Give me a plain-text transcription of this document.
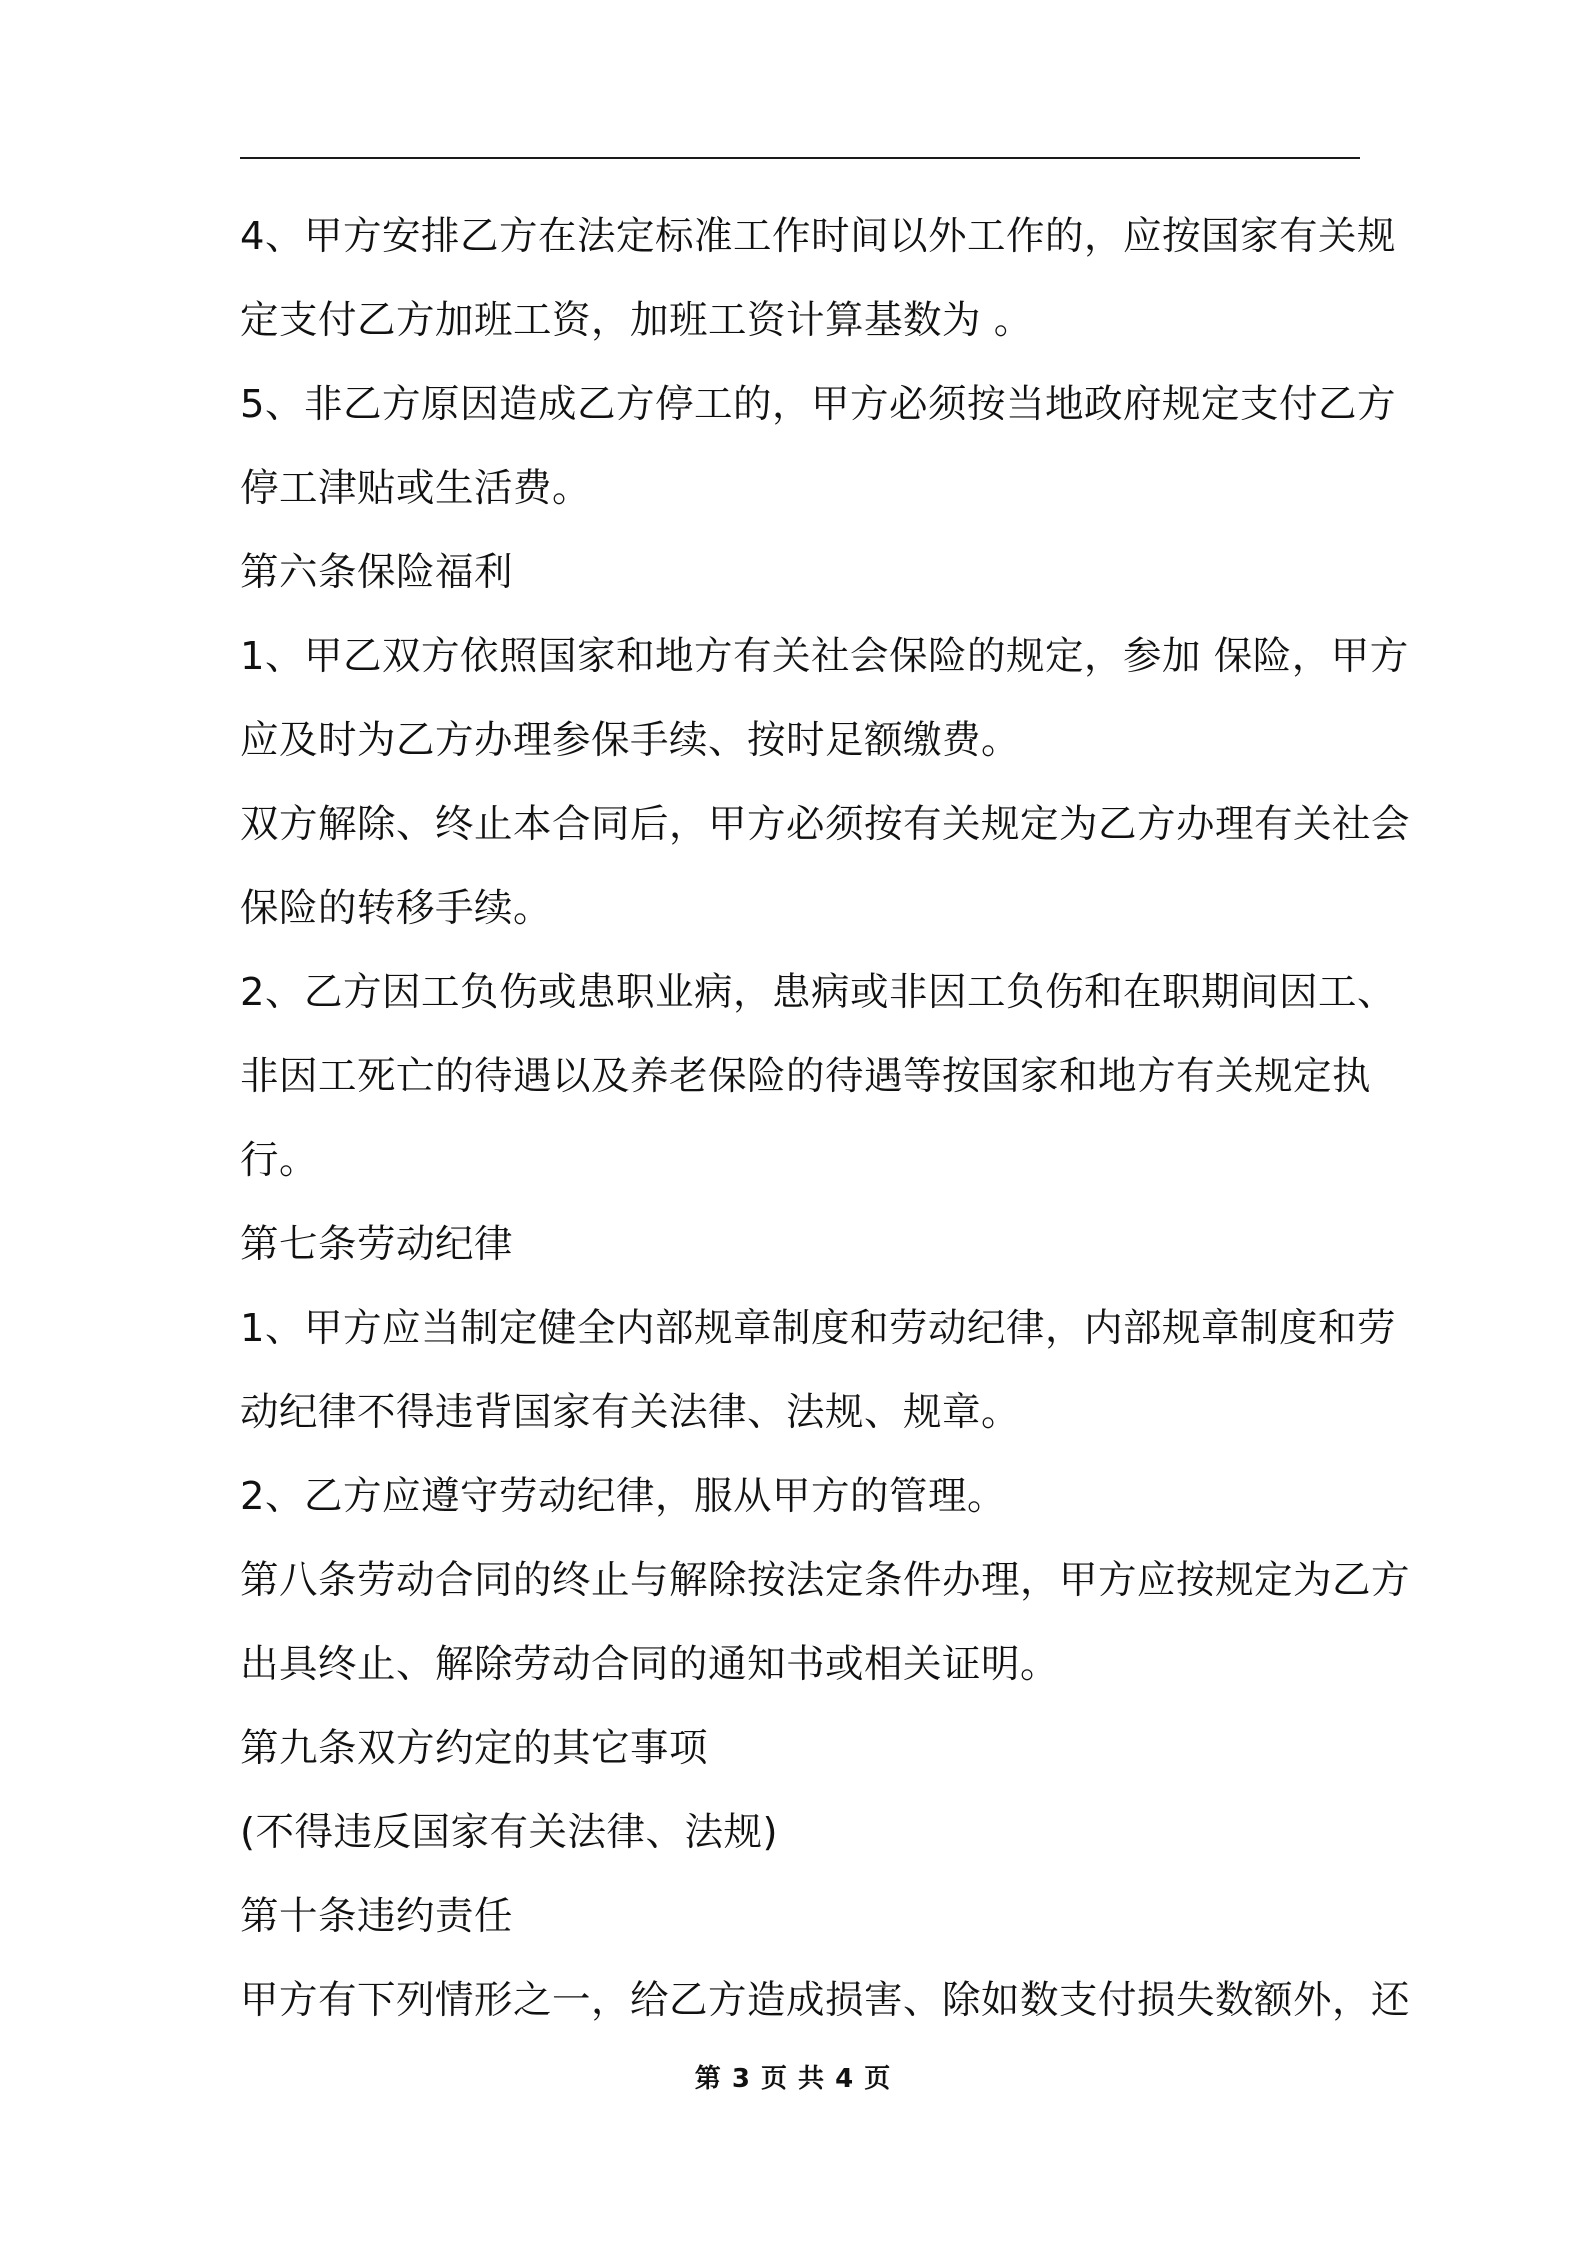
4、甲方安排乙方在法定标准工作时间以外工作的，应按国家有关规
定支付乙方加班工资，加班工资计算基数为 。
5、非乙方原因造成乙方停工的，甲方必须按当地政府规定支付乙方
停工津贴或生活费。
第六条保险福利
1、甲乙双方依照国家和地方有关社会保险的规定，参加 保险，甲方
应及时为乙方办理参保手续、按时足额缴费。
双方解除、终止本合同后，甲方必须按有关规定为乙方办理有关社会
保险的转移手续。
2、乙方因工负伤或患职业病，患病或非因工负伤和在职期间因工、
非因工死亡的待遇以及养老保险的待遇等按国家和地方有关规定执
行。
第七条劳动纪律
1、甲方应当制定健全内部规章制度和劳动纪律，内部规章制度和劳
动纪律不得违背国家有关法律、法规、规章。
2、乙方应遵守劳动纪律，服从甲方的管理。
第八条劳动合同的终止与解除按法定条件办理，甲方应按规定为乙方
出具终止、解除劳动合同的通知书或相关证明。
第九条双方约定的其它事项
(不得违反国家有关法律、法规)
第十条违约责任
甲方有下列情形之一，给乙方造成损害、除如数支付损失数额外，还
第 3 页 共 4 页
